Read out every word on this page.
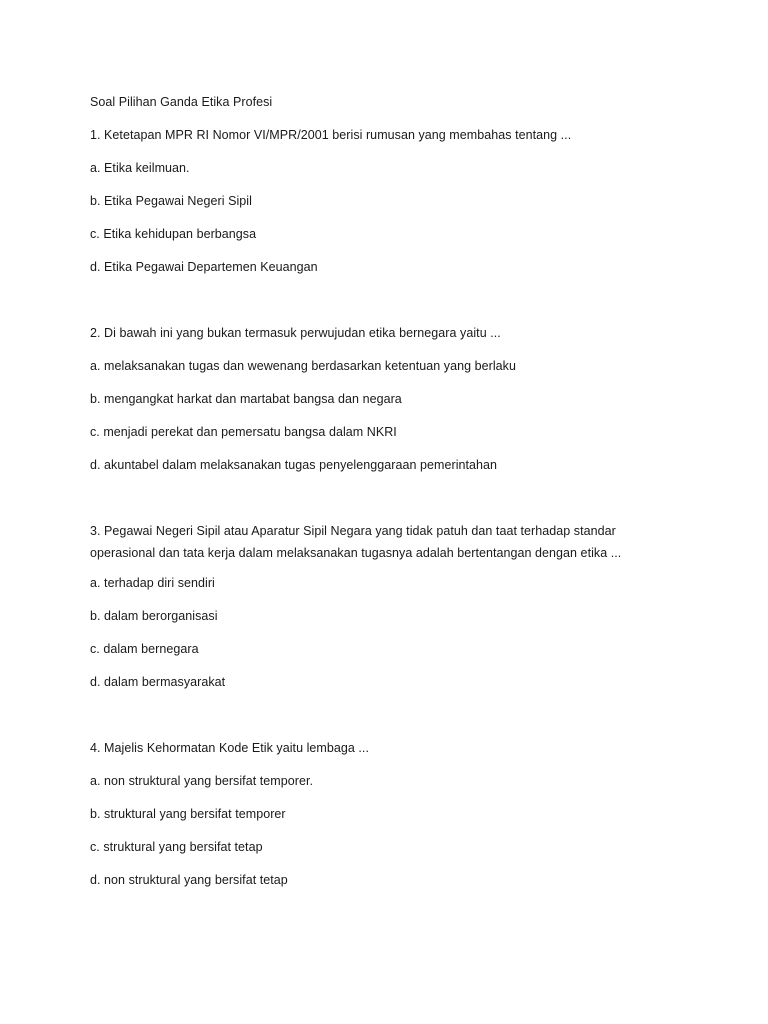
Soal Pilihan Ganda Etika Profesi
1. Ketetapan MPR RI Nomor VI/MPR/2001 berisi rumusan yang membahas tentang ...
a. Etika keilmuan.
b. Etika Pegawai Negeri Sipil
c. Etika kehidupan berbangsa
d. Etika Pegawai Departemen Keuangan
2. Di bawah ini yang bukan termasuk perwujudan etika bernegara yaitu ...
a. melaksanakan tugas dan wewenang berdasarkan ketentuan yang berlaku
b. mengangkat harkat dan martabat bangsa dan negara
c. menjadi perekat dan pemersatu bangsa dalam NKRI
d. akuntabel dalam melaksanakan tugas penyelenggaraan pemerintahan
3. Pegawai Negeri Sipil atau Aparatur Sipil Negara yang tidak patuh dan taat terhadap standar operasional dan tata kerja dalam melaksanakan tugasnya adalah bertentangan dengan etika ...
a. terhadap diri sendiri
b. dalam berorganisasi
c. dalam bernegara
d. dalam bermasyarakat
4. Majelis Kehormatan Kode Etik yaitu lembaga ...
a. non struktural yang bersifat temporer.
b. struktural yang bersifat temporer
c. struktural yang bersifat tetap
d. non struktural yang bersifat tetap
